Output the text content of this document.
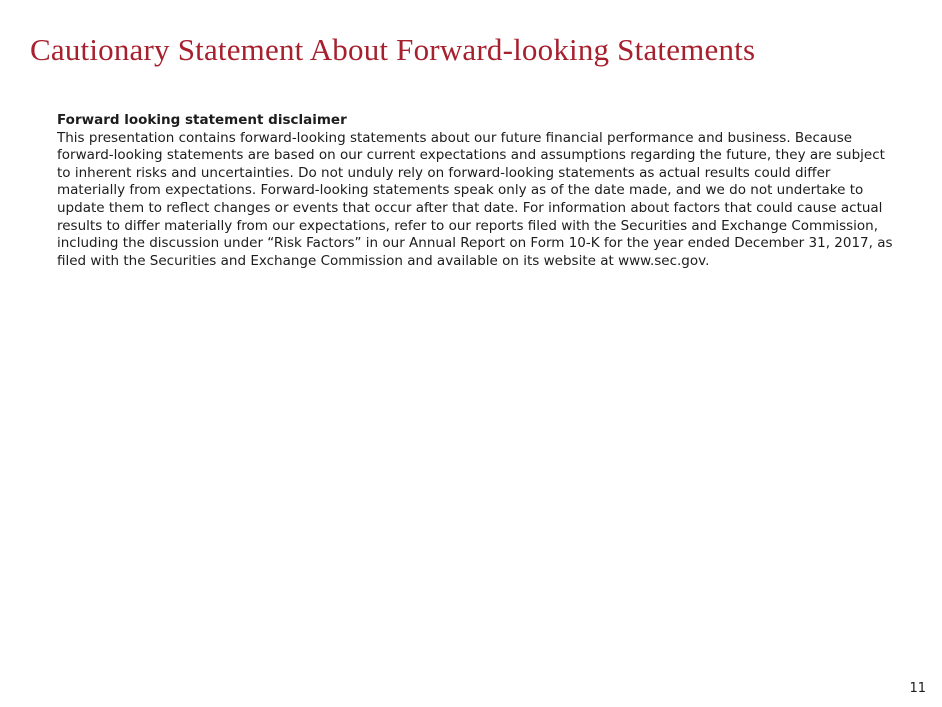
Cautionary Statement About Forward-looking Statements
Forward looking statement disclaimer
This presentation contains forward-looking statements about our future financial performance and business. Because forward-looking statements are based on our current expectations and assumptions regarding the future, they are subject to inherent risks and uncertainties. Do not unduly rely on forward-looking statements as actual results could differ materially from expectations. Forward-looking statements speak only as of the date made, and we do not undertake to update them to reflect changes or events that occur after that date. For information about factors that could cause actual results to differ materially from our expectations, refer to our reports filed with the Securities and Exchange Commission, including the discussion under “Risk Factors” in our Annual Report on Form 10-K for the year ended December 31, 2017, as filed with the Securities and Exchange Commission and available on its website at www.sec.gov.
11
